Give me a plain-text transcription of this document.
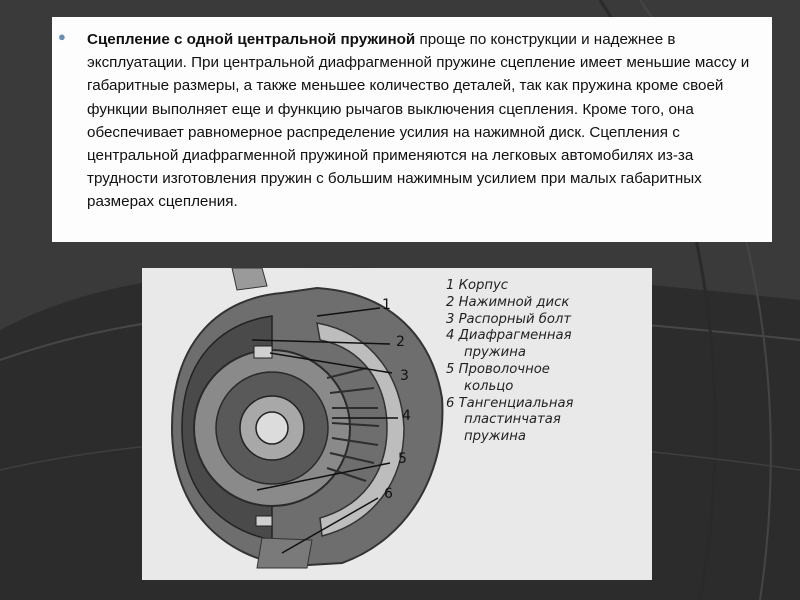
● Сцепление с одной центральной пружиной проще по конструкции и надежнее в эксплуатации. При центральной диафрагменной пружине сцепление имеет меньшие массу и габаритные размеры, а также меньшее количество деталей, так как пружина кроме своей функции выполняет еще и функцию рычагов выключения сцепления. Кроме того, она обеспечивает равномерное распределение усилия на нажимной диск. Сцепления с центральной диафрагменной пружиной применяются на легковых автомобилях из-за трудности изготовления пружин с большим нажимным усилием при малых габаритных размерах сцепления.

1
2
3
4
5
6
1 Корпус
2 Нажимной диск
3 Распорный болт
4 Диафрагменная
пружина
5 Проволочное
кольцо
6 Тангенциальная
пластинчатая
пружина
